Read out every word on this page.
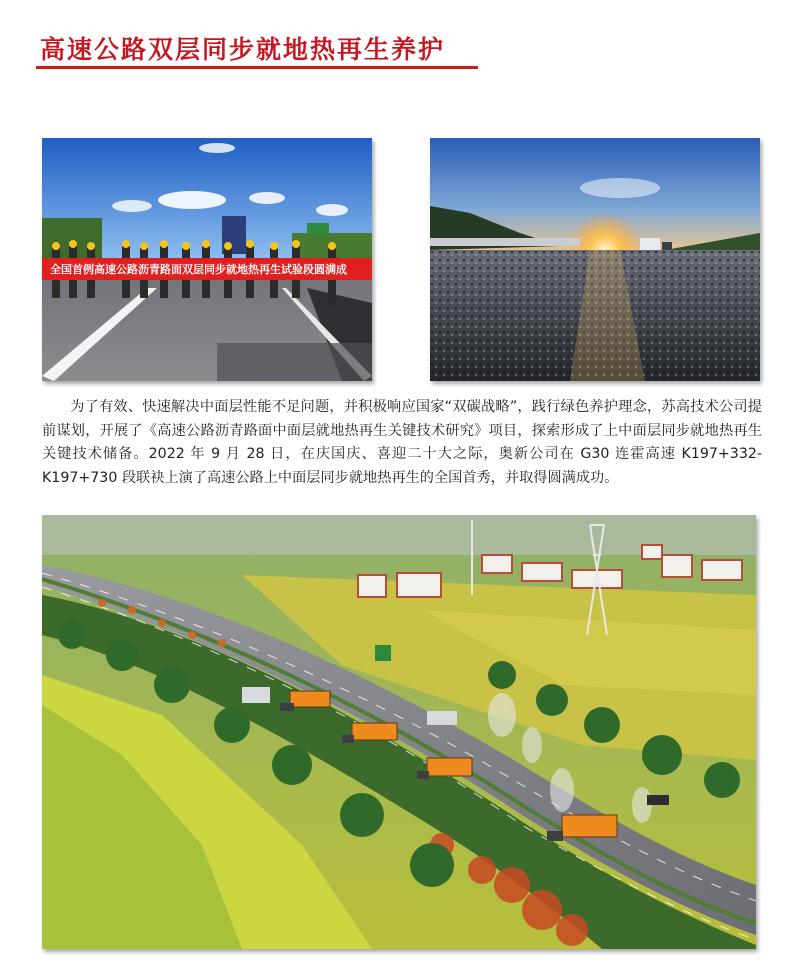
高速公路双层同步就地热再生养护
全国首例高速公路沥青路面双层同步就地热再生试验段圆满成
为了有效、快速解决中面层性能不足问题，并积极响应国家“双碳战略”，践行绿色养护理念，苏高技术公司提前谋划，开展了《高速公路沥青路面中面层就地热再生关键技术研究》项目，探索形成了上中面层同步就地热再生关键技术储备。2022 年 9 月 28 日，在庆国庆、喜迎二十大之际，奥新公司在 G30 连霍高速 K197+332-K197+730 段联袂上演了高速公路上中面层同步就地热再生的全国首秀，并取得圆满成功。
